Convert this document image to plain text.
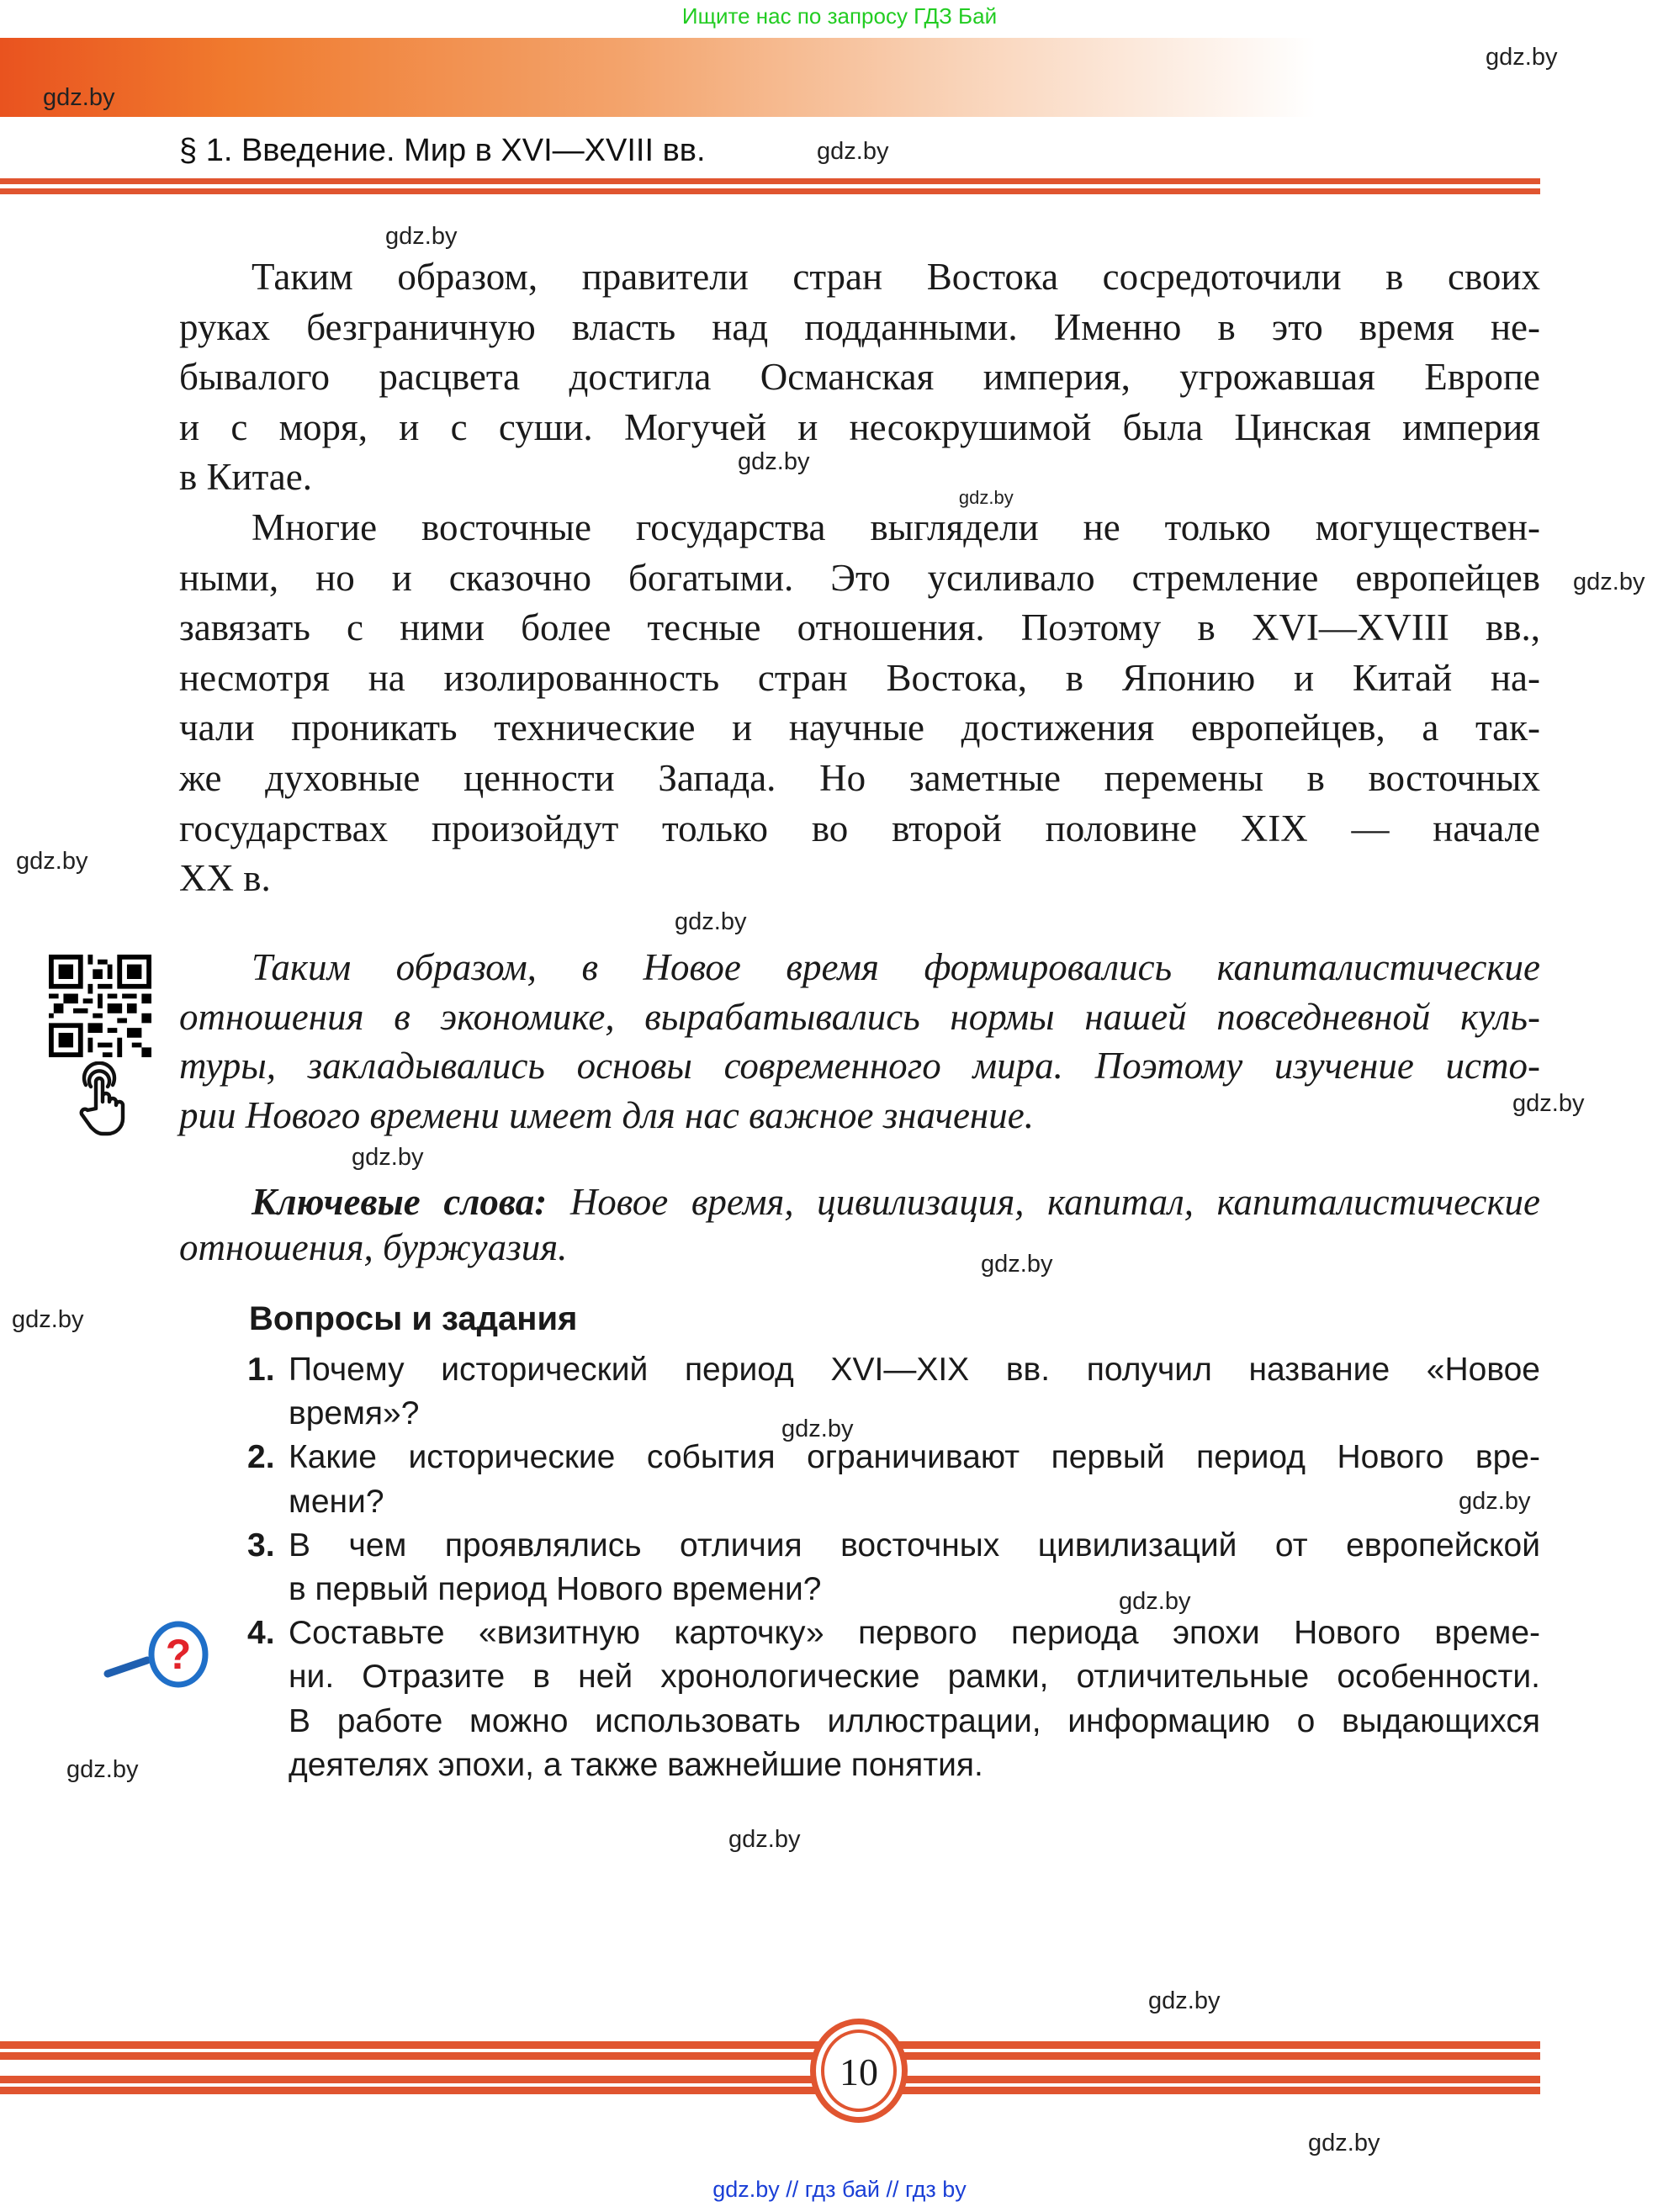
Ищите нас по запросу ГДЗ Бай
§ 1. Введение. Мир в XVI—XVIII вв.
Таким образом, правители стран Востока сосредоточили в своих
руках безграничную власть над подданными. Именно в это время не-
бывалого расцвета достигла Османская империя, угрожавшая Европе
и с моря, и с суши. Могучей и несокрушимой была Цинская империя
в Китае.
Многие восточные государства выглядели не только могуществен-
ными, но и сказочно богатыми. Это усиливало стремление европейцев
завязать с ними более тесные отношения. Поэтому в XVI—XVIII вв.,
несмотря на изолированность стран Востока, в Японию и Китай на-
чали проникать технические и научные достижения европейцев, а так-
же духовные ценности Запада. Но заметные перемены в восточных
государствах произойдут только во второй половине XIX — начале
XX в.
Таким образом, в Новое время формировались капиталистические
отношения в экономике, вырабатывались нормы нашей повседневной куль-
туры, закладывались основы современного мира. Поэтому изучение исто-
рии Нового времени имеет для нас важное значение.
Ключевые слова: Новое время, цивилизация, капитал, капиталистические
отношения, буржуазия.
Вопросы и задания
1. Почему исторический период XVI—XIX вв. получил название «Новое
время»?
2. Какие исторические события ограничивают первый период Нового вре-
мени?
3. В чем проявлялись отличия восточных цивилизаций от европейской
в первый период Нового времени?
4. Составьте «визитную карточку» первого периода эпохи Нового време-
ни. Отразите в ней хронологические рамки, отличительные особенности.
В работе можно использовать иллюстрации, информацию о выдающихся
деятелях эпохи, а также важнейшие понятия.
?
10
gdz.by // гдз бай // гдз by
gdz.by
gdz.by
gdz.by
gdz.by
gdz.by
gdz.by
gdz.by
gdz.by
gdz.by
gdz.by
gdz.by
gdz.by
gdz.by
gdz.by
gdz.by
gdz.by
gdz.by
gdz.by
gdz.by
gdz.by
